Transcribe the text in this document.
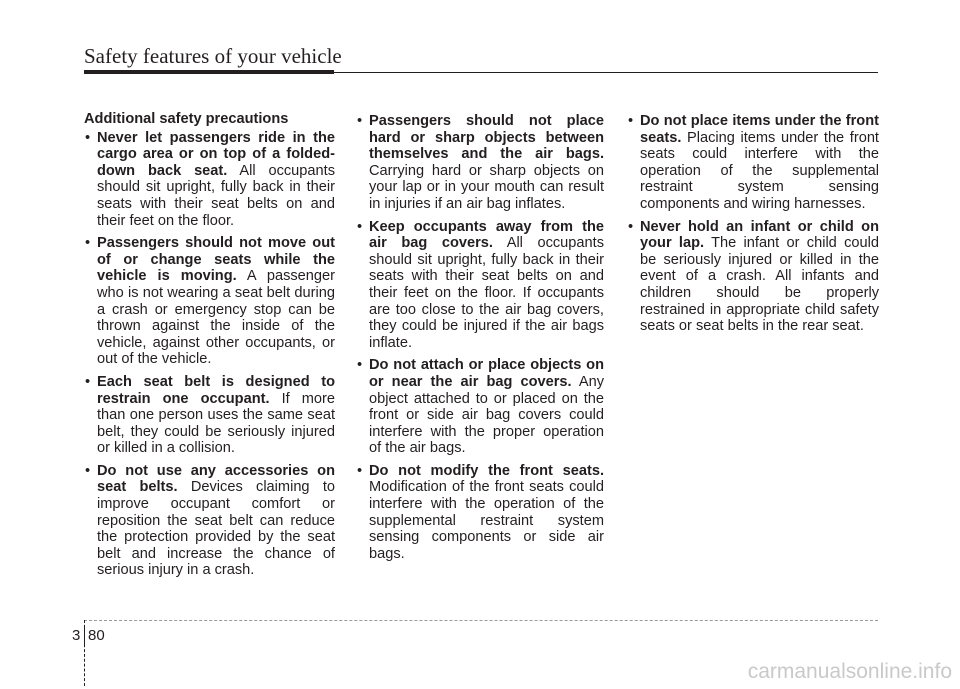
Safety features of your vehicle
Additional safety precautions
• Never let passengers ride in the cargo area or on top of a folded-down back seat. All occupants should sit upright, fully back in their seats with their seat belts on and their feet on the floor.
• Passengers should not move out of or change seats while the vehicle is moving. A passenger who is not wearing a seat belt during a crash or emergency stop can be thrown against the inside of the vehicle, against other occupants, or out of the vehicle.
• Each seat belt is designed to restrain one occupant. If more than one person uses the same seat belt, they could be seriously injured or killed in a collision.
• Do not use any accessories on seat belts. Devices claiming to improve occupant comfort or reposition the seat belt can reduce the protection provided by the seat belt and increase the chance of serious injury in a crash.
• Passengers should not place hard or sharp objects between themselves and the air bags. Carrying hard or sharp objects on your lap or in your mouth can result in injuries if an air bag inflates.
• Keep occupants away from the air bag covers. All occupants should sit upright, fully back in their seats with their seat belts on and their feet on the floor. If occupants are too close to the air bag covers, they could be injured if the air bags inflate.
• Do not attach or place objects on or near the air bag covers. Any object attached to or placed on the front or side air bag covers could interfere with the proper operation of the air bags.
• Do not modify the front seats. Modification of the front seats could interfere with the operation of the supplemental restraint system sensing components or side air bags.
• Do not place items under the front seats. Placing items under the front seats could interfere with the operation of the supplemental restraint system sensing components and wiring harnesses.
• Never hold an infant or child on your lap. The infant or child could be seriously injured or killed in the event of a crash. All infants and children should be properly restrained in appropriate child safety seats or seat belts in the rear seat.
3 80
carmanualsonline.info
